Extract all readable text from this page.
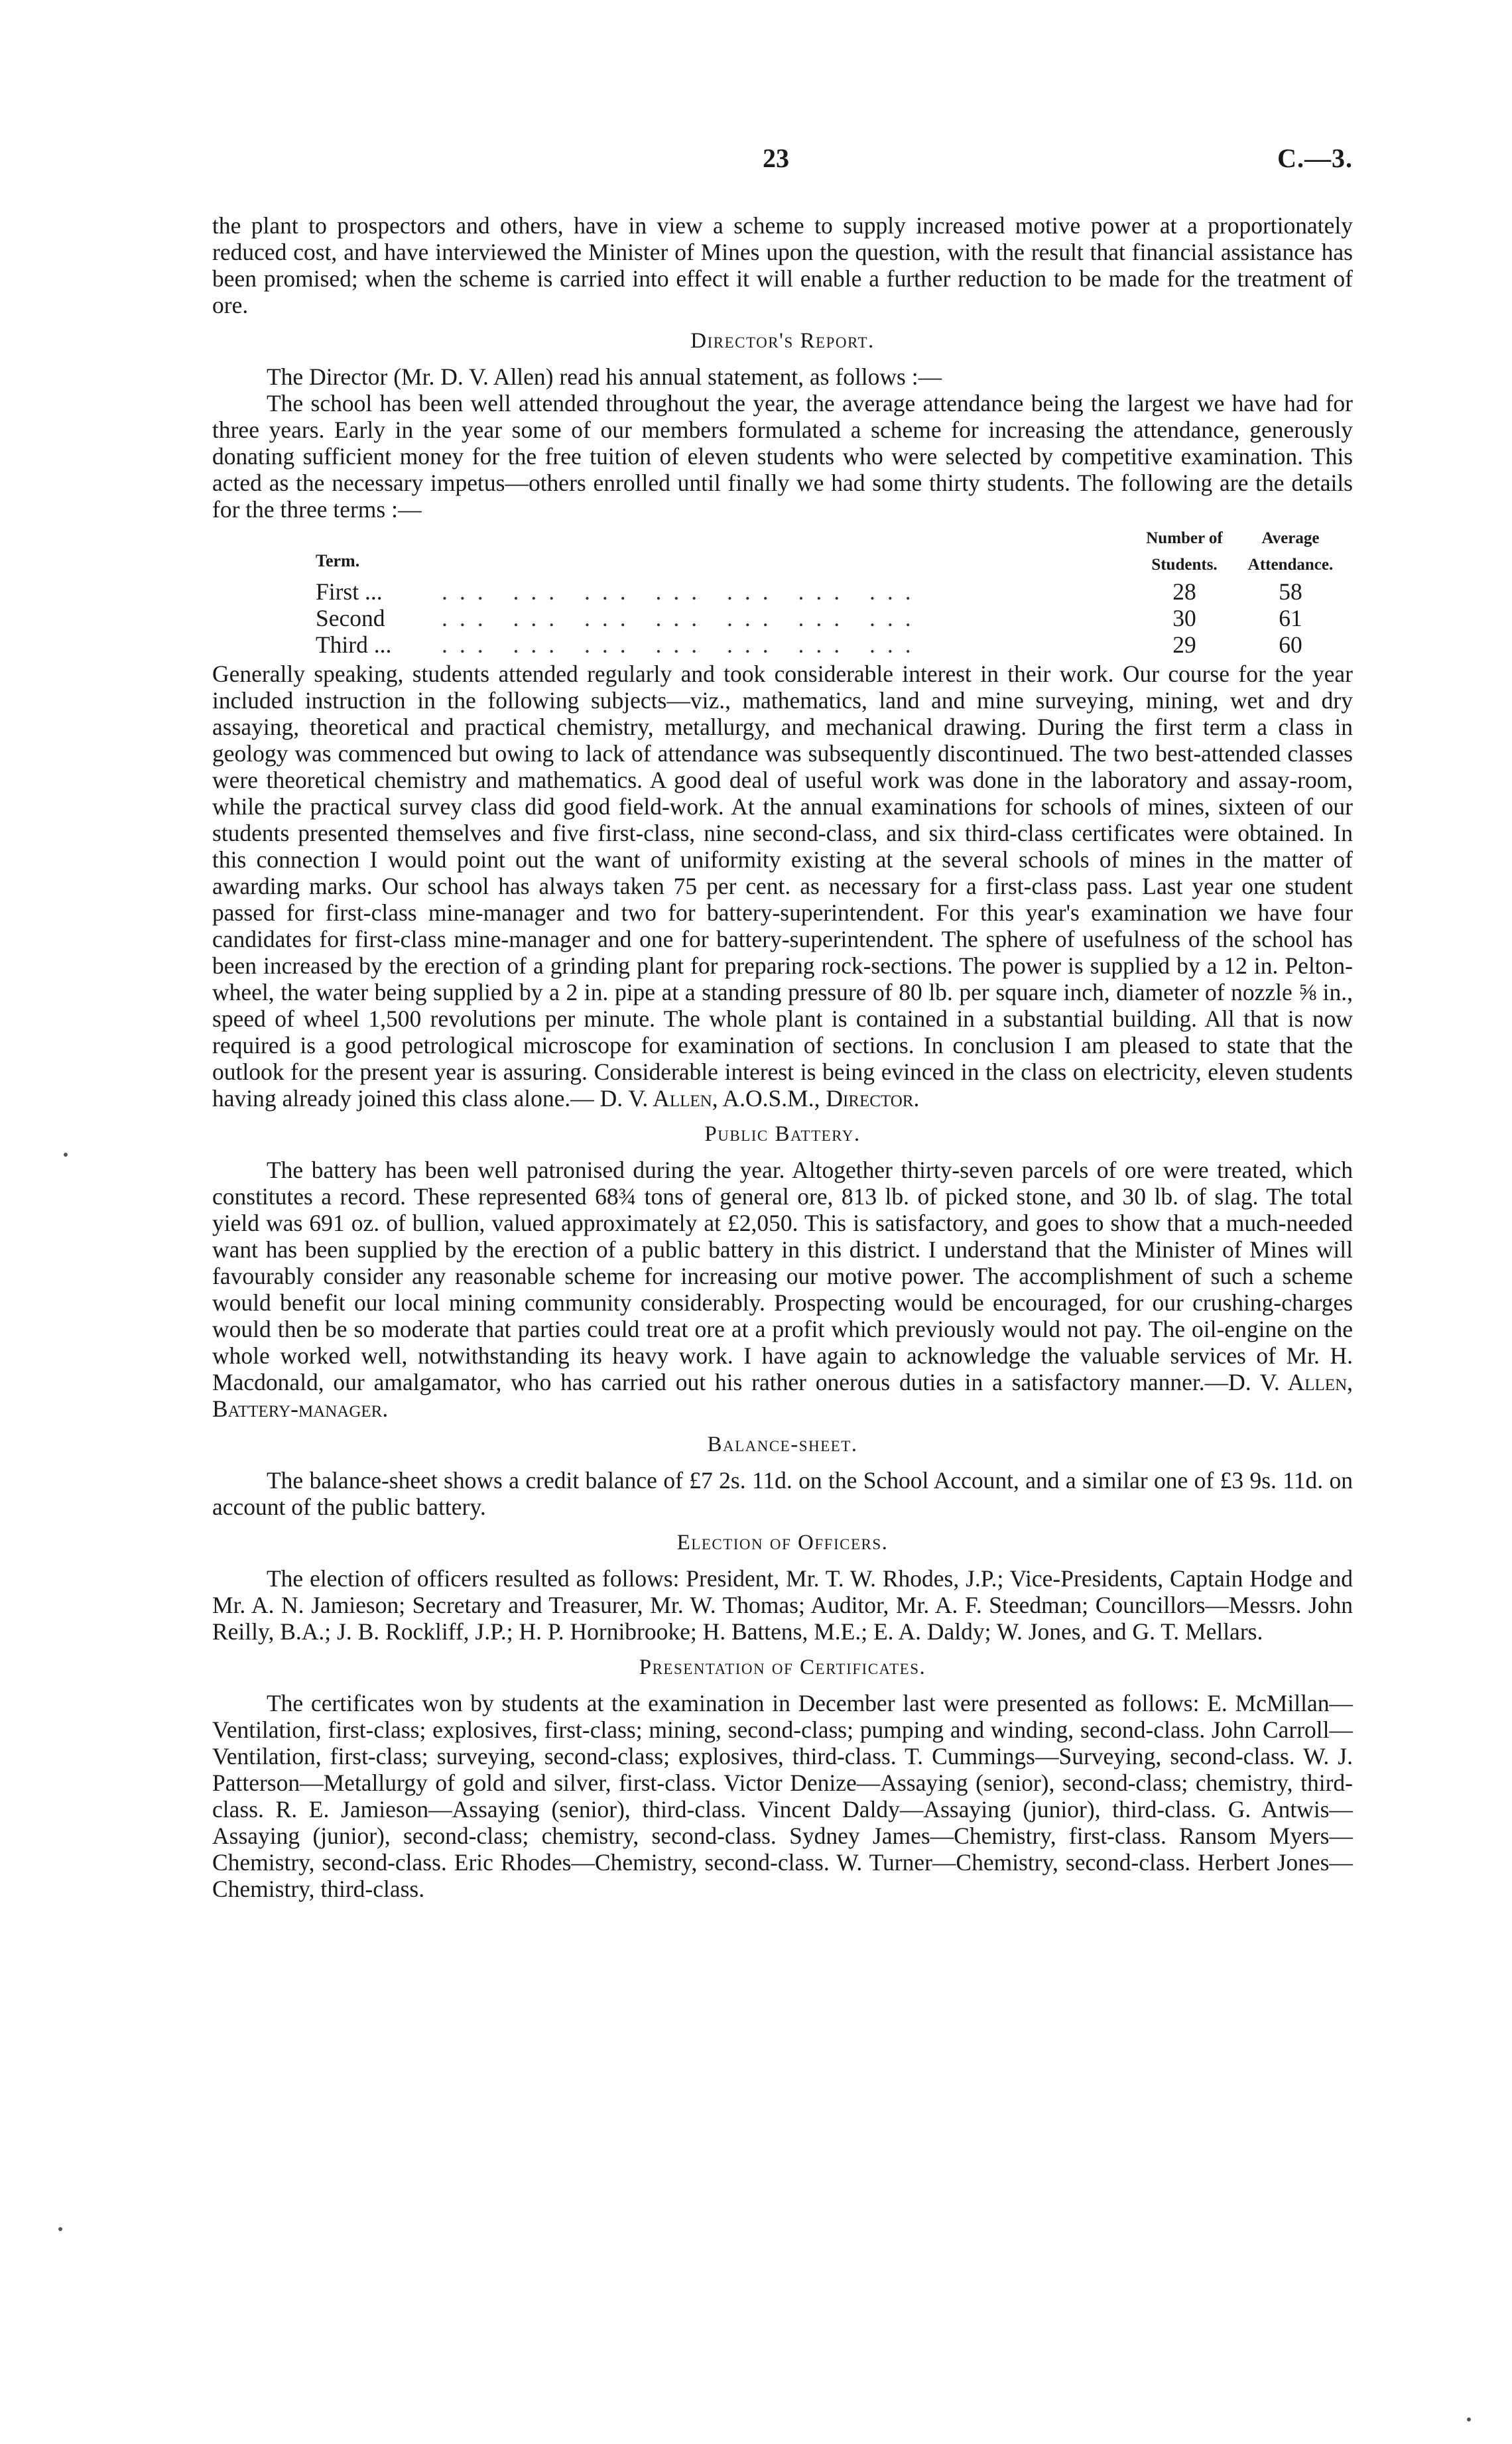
23	C.—3.

the plant to prospectors and others, have in view a scheme to supply increased motive power at a proportionately reduced cost, and have interviewed the Minister of Mines upon the question, with the result that financial assistance has been promised; when the scheme is carried into effect it will enable a further reduction to be made for the treatment of ore.

Director's Report.

The Director (Mr. D. V. Allen) read his annual statement, as follows :—

The school has been well attended throughout the year, the average attendance being the largest we have had for three years. Early in the year some of our members formulated a scheme for increasing the attendance, generously donating sufficient money for the free tuition of eleven students who were selected by competitive examination. This acted as the necessary impetus—others enrolled until finally we had some thirty students. The following are the details for the three terms :—

Term.		Number of Students.	Average Attendance.
First ...	... ... ... ... ... ... ...	28	58
Second	... ... ... ... ... ... ...	30	61
Third ...	... ... ... ... ... ... ...	29	60

Generally speaking, students attended regularly and took considerable interest in their work. Our course for the year included instruction in the following subjects—viz., mathematics, land and mine surveying, mining, wet and dry assaying, theoretical and practical chemistry, metallurgy, and mechanical drawing. During the first term a class in geology was commenced but owing to lack of attendance was subsequently discontinued. The two best-attended classes were theoretical chemistry and mathematics. A good deal of useful work was done in the laboratory and assay-room, while the practical survey class did good field-work. At the annual examinations for schools of mines, sixteen of our students presented themselves and five first-class, nine second-class, and six third-class certificates were obtained. In this connection I would point out the want of uniformity existing at the several schools of mines in the matter of awarding marks. Our school has always taken 75 per cent. as necessary for a first-class pass. Last year one student passed for first-class mine-manager and two for battery-superintendent. For this year's examination we have four candidates for first-class mine-manager and one for battery-superintendent. The sphere of usefulness of the school has been increased by the erection of a grinding plant for preparing rock-sections. The power is supplied by a 12 in. Pelton-wheel, the water being supplied by a 2 in. pipe at a standing pressure of 80 lb. per square inch, diameter of nozzle ⅝ in., speed of wheel 1,500 revolutions per minute. The whole plant is contained in a substantial building. All that is now required is a good petrological microscope for examination of sections. In conclusion I am pleased to state that the outlook for the present year is assuring. Considerable interest is being evinced in the class on electricity, eleven students having already joined this class alone.— D. V. Allen, A.O.S.M., Director.

Public Battery.

The battery has been well patronised during the year. Altogether thirty-seven parcels of ore were treated, which constitutes a record. These represented 68¾ tons of general ore, 813 lb. of picked stone, and 30 lb. of slag. The total yield was 691 oz. of bullion, valued approximately at £2,050. This is satisfactory, and goes to show that a much-needed want has been supplied by the erection of a public battery in this district. I understand that the Minister of Mines will favourably consider any reasonable scheme for increasing our motive power. The accomplishment of such a scheme would benefit our local mining community considerably. Prospecting would be encouraged, for our crushing-charges would then be so moderate that parties could treat ore at a profit which previously would not pay. The oil-engine on the whole worked well, notwithstanding its heavy work. I have again to acknowledge the valuable services of Mr. H. Macdonald, our amalgamator, who has carried out his rather onerous duties in a satisfactory manner.—D. V. Allen, Battery-manager.

Balance-sheet.

The balance-sheet shows a credit balance of £7 2s. 11d. on the School Account, and a similar one of £3 9s. 11d. on account of the public battery.

Election of Officers.

The election of officers resulted as follows: President, Mr. T. W. Rhodes, J.P.; Vice-Presidents, Captain Hodge and Mr. A. N. Jamieson; Secretary and Treasurer, Mr. W. Thomas; Auditor, Mr. A. F. Steedman; Councillors—Messrs. John Reilly, B.A.; J. B. Rockliff, J.P.; H. P. Hornibrooke; H. Battens, M.E.; E. A. Daldy; W. Jones, and G. T. Mellars.

Presentation of Certificates.

The certificates won by students at the examination in December last were presented as follows: E. McMillan—Ventilation, first-class; explosives, first-class; mining, second-class; pumping and winding, second-class. John Carroll—Ventilation, first-class; surveying, second-class; explosives, third-class. T. Cummings—Surveying, second-class. W. J. Patterson—Metallurgy of gold and silver, first-class. Victor Denize—Assaying (senior), second-class; chemistry, third-class. R. E. Jamieson—Assaying (senior), third-class. Vincent Daldy—Assaying (junior), third-class. G. Antwis—Assaying (junior), second-class; chemistry, second-class. Sydney James—Chemistry, first-class. Ransom Myers—Chemistry, second-class. Eric Rhodes—Chemistry, second-class. W. Turner—Chemistry, second-class. Herbert Jones—Chemistry, third-class.
